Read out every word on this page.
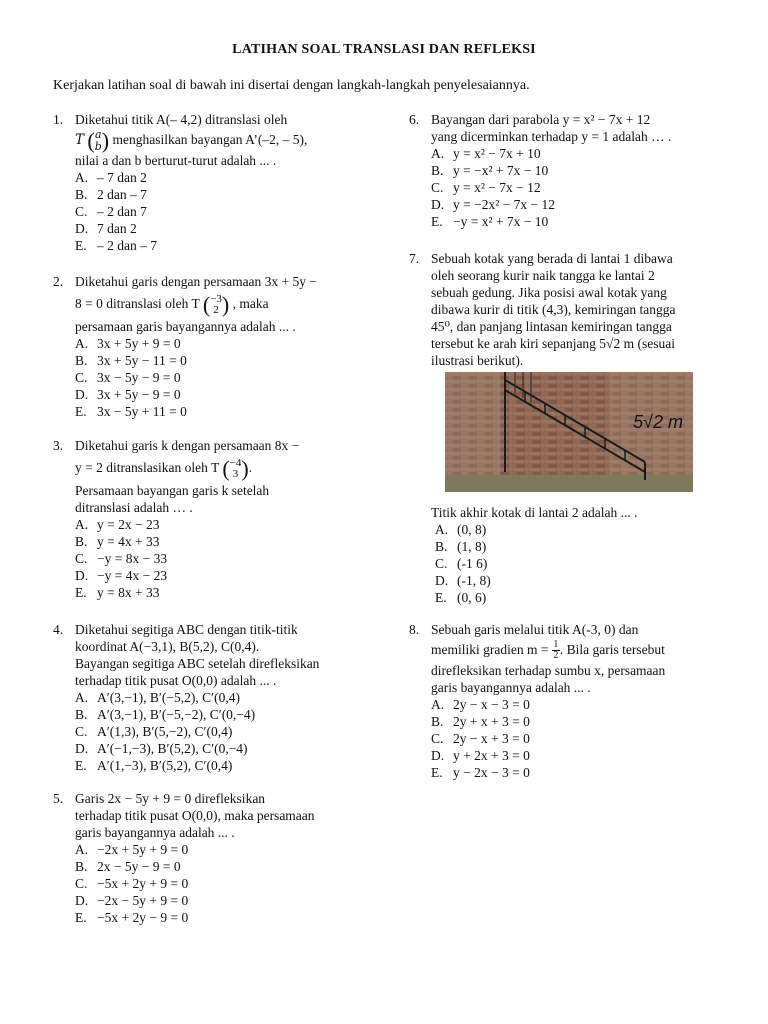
LATIHAN SOAL TRANSLASI DAN REFLEKSI
Kerjakan latihan soal di bawah ini disertai dengan langkah-langkah penyelesaiannya.
1. Diketahui titik A(– 4,2) ditranslasi oleh
T (a
b) menghasilkan bayangan A’(–2, – 5),
nilai a dan b berturut-turut adalah ... .
A. – 7 dan 2
B. 2 dan – 7
C. – 2 dan 7
D. 7 dan 2
E. – 2 dan – 7
2. Diketahui garis dengan persamaan 3x + 5y −
8 = 0 ditranslasi oleh T (−3
2 ) , maka
persamaan garis bayangannya adalah ... .
A. 3x + 5y + 9 = 0
B. 3x + 5y − 11 = 0
C. 3x − 5y − 9 = 0
D. 3x + 5y − 9 = 0
E. 3x − 5y + 11 = 0
3. Diketahui garis k dengan persamaan 8x −
y = 2 ditranslasikan oleh T (−4
3 ).
Persamaan bayangan garis k setelah
ditranslasi adalah … .
A. y = 2x − 23
B. y = 4x + 33
C. −y = 8x − 33
D. −y = 4x − 23
E. y = 8x + 33
4. Diketahui segitiga ABC dengan titik-titik
koordinat A(−3,1), B(5,2), C(0,4).
Bayangan segitiga ABC setelah direfleksikan
terhadap titik pusat O(0,0) adalah ... .
A. A′(3,−1), B′(−5,2), C′(0,4)
B. A′(3,−1), B′(−5,−2), C′(0,−4)
C. A′(1,3), B′(5,−2), C′(0,4)
D. A′(−1,−3), B′(5,2), C′(0,−4)
E. A′(1,−3), B′(5,2), C′(0,4)
5. Garis 2x − 5y + 9 = 0 direfleksikan
terhadap titik pusat O(0,0), maka persamaan
garis bayangannya adalah ... .
A. −2x + 5y + 9 = 0
B. 2x − 5y − 9 = 0
C. −5x + 2y + 9 = 0
D. −2x − 5y + 9 = 0
E. −5x + 2y − 9 = 0
6. Bayangan dari parabola y = x² − 7x + 12
yang dicerminkan terhadap y = 1 adalah … .
A. y = x² − 7x + 10
B. y = −x² + 7x − 10
C. y = x² − 7x − 12
D. y = −2x² − 7x − 12
E. −y = x² + 7x − 10
7. Sebuah kotak yang berada di lantai 1 dibawa
oleh seorang kurir naik tangga ke lantai 2
sebuah gedung. Jika posisi awal kotak yang
dibawa kurir di titik (4,3), kemiringan tangga
45⁰, dan panjang lintasan kemiringan tangga
tersebut ke arah kiri sepanjang 5√2 m (sesuai
ilustrasi berikut).
5√2 m
Titik akhir kotak di lantai 2 adalah ... .
A. (0, 8)
B. (1, 8)
C. (-1 6)
D. (-1, 8)
E. (0, 6)
8. Sebuah garis melalui titik A(-3, 0) dan
memiliki gradien $m = \frac{1}{2}$. Bila garis tersebut
direfleksikan terhadap sumbu x, persamaan
garis bayangannya adalah ... .
A. 2y − x − 3 = 0
B. 2y + x + 3 = 0
C. 2y − x + 3 = 0
D. y + 2x + 3 = 0
E. y − 2x − 3 = 0
